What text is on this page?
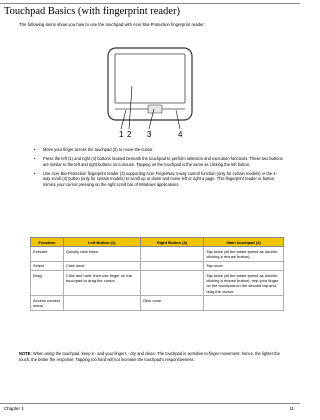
Touchpad Basics (with fingerprint reader)
The following items show you how to use the touchpad with Acer Bio-Protection fingerprint reader:
1 2 3	4
• Move your finger across the touchpad (2) to move the cursor.
• Press the left (1) and right (4) buttons located beneath the touchpad to perform selection and execution functions. These two buttons are similar to the left and right buttons on a mouse. Tapping on the touchpad is the same as clicking the left button.
• Use Acer Bio-Protection fingerprint reader (3) supporting Acer FingerNav 4-way control function (only for certain models) or the 4-way scroll (3) button (only for certain models) to scroll up or down and move left or right a page. This fingerprint reader or button mimics your cursor pressing on the right scroll bar of Windows applications.
Function	Left Button (1)	Right Button (3)	Main touchpad (2)
Execute	Quickly click twice.		Tap twice (at the same speed as double-clicking a mouse button).
Select	Click once.		Tap once.
Drag	Click and hold, then use finger on the touchpad to drag the cursor.		Tap twice (at the same speed as double-clicking a mouse button); rest your finger on the touchpad on the second tap and drag the cursor.
Access context menu		Click once.	
NOTE: When using the touchpad, keep it - and your fingers - dry and clean. The touchpad is sensitive to finger movement; hence, the lighter the touch, the better the response. Tapping too hard will not increase the touchpad's responsiveness.
Chapter 1	11
